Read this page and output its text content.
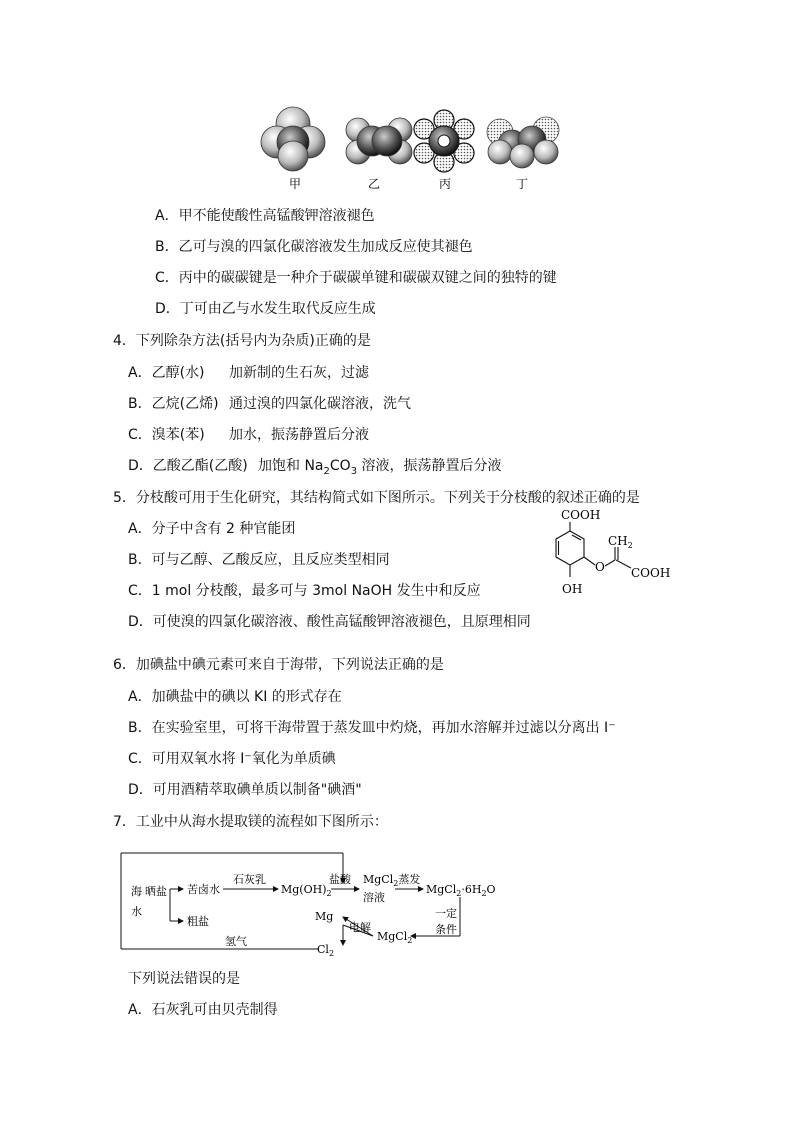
甲	乙	丙	丁
A．甲不能使酸性高锰酸钾溶液褪色
B．乙可与溴的四氯化碳溶液发生加成反应使其褪色
C．丙中的碳碳键是一种介于碳碳单键和碳碳双键之间的独特的键
D．丁可由乙与水发生取代反应生成
4．下列除杂方法(括号内为杂质)正确的是
A．乙醇(水) 加新制的生石灰，过滤
B．乙烷(乙烯) 通过溴的四氯化碳溶液，洗气
C．溴苯(苯) 加水，振荡静置后分液
D．乙酸乙酯(乙酸) 加饱和 $Na_2CO_3$ 溶液，振荡静置后分液
5．分枝酸可用于生化研究，其结构简式如下图所示。下列关于分枝酸的叙述正确的是
A．分子中含有 2 种官能团
B．可与乙醇、乙酸反应，且反应类型相同
C．1 mol 分枝酸，最多可与 3mol NaOH 发生中和反应
D．可使溴的四氯化碳溶液、酸性高锰酸钾溶液褪色，且原理相同
COOH
$CH_2$
O COOH
OH
6．加碘盐中碘元素可来自于海带，下列说法正确的是
A．加碘盐中的碘以 KI 的形式存在
B．在实验室里，可将干海带置于蒸发皿中灼烧，再加水溶解并过滤以分离出 I⁻
C．可用双氧水将 I⁻氧化为单质碘
D．可用酒精萃取碘单质以制备"碘酒"
7．工业中从海水提取镁的流程如下图所示：
海
水
晒盐 苦卤水
粗盐
石灰乳
$Mg(OH)_2$
盐酸 MgCl$_2$蒸发
溶液
$MgCl_2\cdot 6H_2O$
一定
条件
MgCl$_2$
电解
Mg
$Cl_2$
氢气
下列说法错误的是
A．石灰乳可由贝壳制得
